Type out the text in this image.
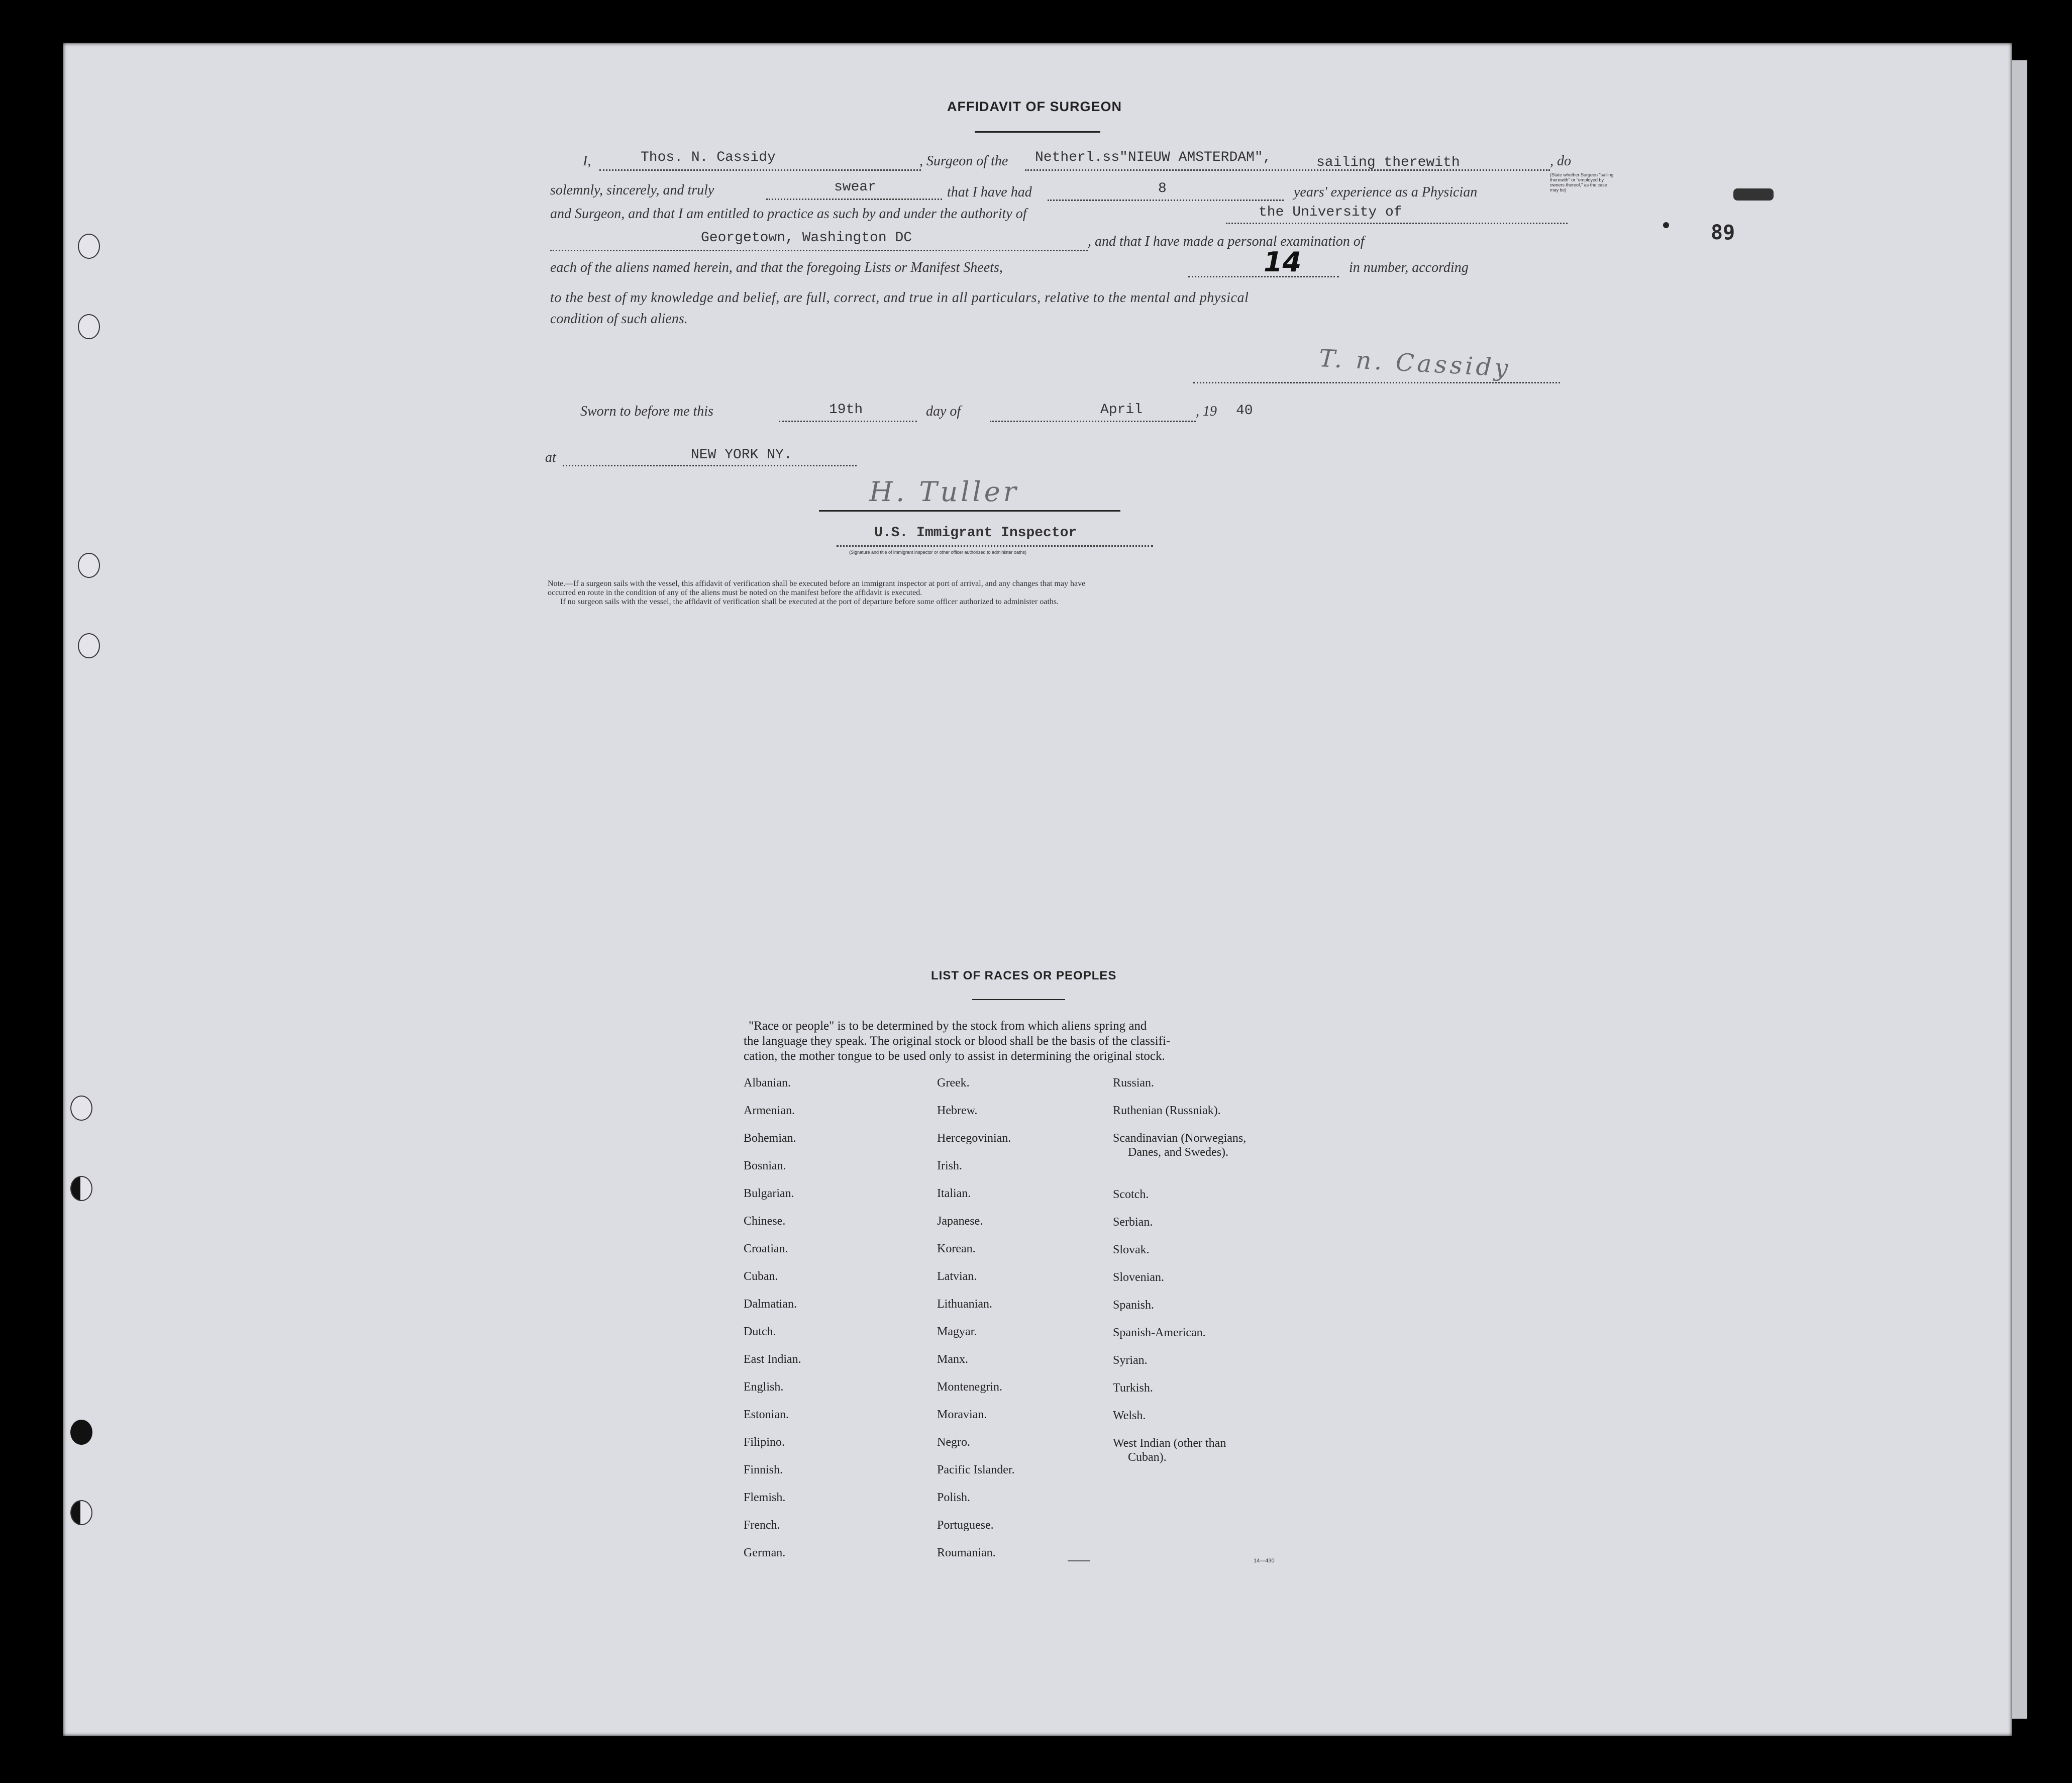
89
AFFIDAVIT OF SURGEON
I,	Thos. N. Cassidy	, Surgeon of the Netherl.ss"NIEUW AMSTERDAM",	sailing therewith	, do
(State whether Surgeon "sailing therewith" or "employed by owners thereof," as the case may be)
solemnly, sincerely, and truly	swear	that I have had	8	years' experience as a Physician
and Surgeon, and that I am entitled to practice as such by and under the authority of	the University of
Georgetown, Washington DC	, and that I have made a personal examination of
each of the aliens named herein, and that the foregoing Lists or Manifest Sheets,	14	in number, according
to the best of my knowledge and belief, are full, correct, and true in all particulars, relative to the mental and physical
condition of such aliens.
T. n. Cassidy
Sworn to before me this	19th	day of	April	, 19 40
at	NEW YORK NY.
H. Tuller
U.S. Immigrant Inspector
(Signature and title of immigrant inspector or other officer authorized to administer oaths)
Note.—If a surgeon sails with the vessel, this affidavit of verification shall be executed before an immigrant inspector at port of arrival, and any changes that may have
occurred en route in the condition of any of the aliens must be noted on the manifest before the affidavit is executed.
If no surgeon sails with the vessel, the affidavit of verification shall be executed at the port of departure before some officer authorized to administer oaths.
LIST OF RACES OR PEOPLES
"Race or people" is to be determined by the stock from which aliens spring and
the language they speak. The original stock or blood shall be the basis of the classifi-
cation, the mother tongue to be used only to assist in determining the original stock.
Albanian.
Armenian.
Bohemian.
Bosnian.
Bulgarian.
Chinese.
Croatian.
Cuban.
Dalmatian.
Dutch.
East Indian.
English.
Estonian.
Filipino.
Finnish.
Flemish.
French.
German.
Greek.
Hebrew.
Hercegovinian.
Irish.
Italian.
Japanese.
Korean.
Latvian.
Lithuanian.
Magyar.
Manx.
Montenegrin.
Moravian.
Negro.
Pacific Islander.
Polish.
Portuguese.
Roumanian.
Russian.
Ruthenian (Russniak).
Scandinavian (Norwegians,
Danes, and Swedes).
Scotch.
Serbian.
Slovak.
Slovenian.
Spanish.
Spanish-American.
Syrian.
Turkish.
Welsh.
West Indian (other than
Cuban).
14—430
